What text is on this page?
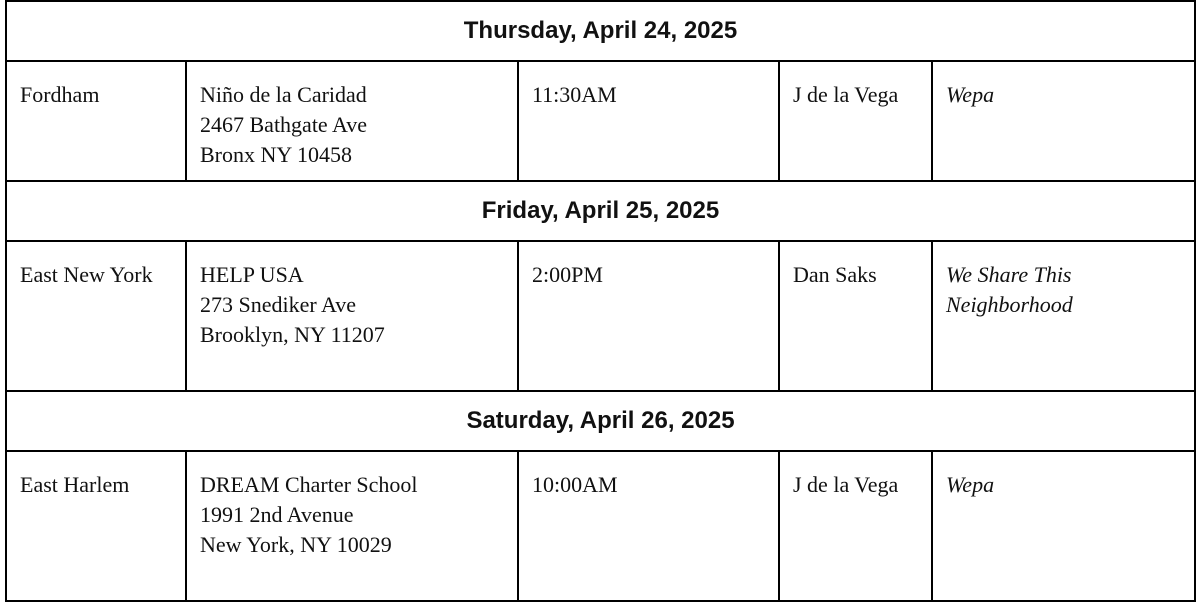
Thursday, April 24, 2025				

Fordham	Niño de la Caridad
2467 Bathgate Ave
Bronx NY 10458	11:30AM	J de la Vega	Wepa

Friday, April 25, 2025				

East New York	HELP USA
273 Snediker Ave
Brooklyn, NY 11207	2:00PM	Dan Saks	We Share This
Neighborhood

Saturday, April 26, 2025				

East Harlem	DREAM Charter School
1991 2nd Avenue
New York, NY 10029	10:00AM	J de la Vega	Wepa
